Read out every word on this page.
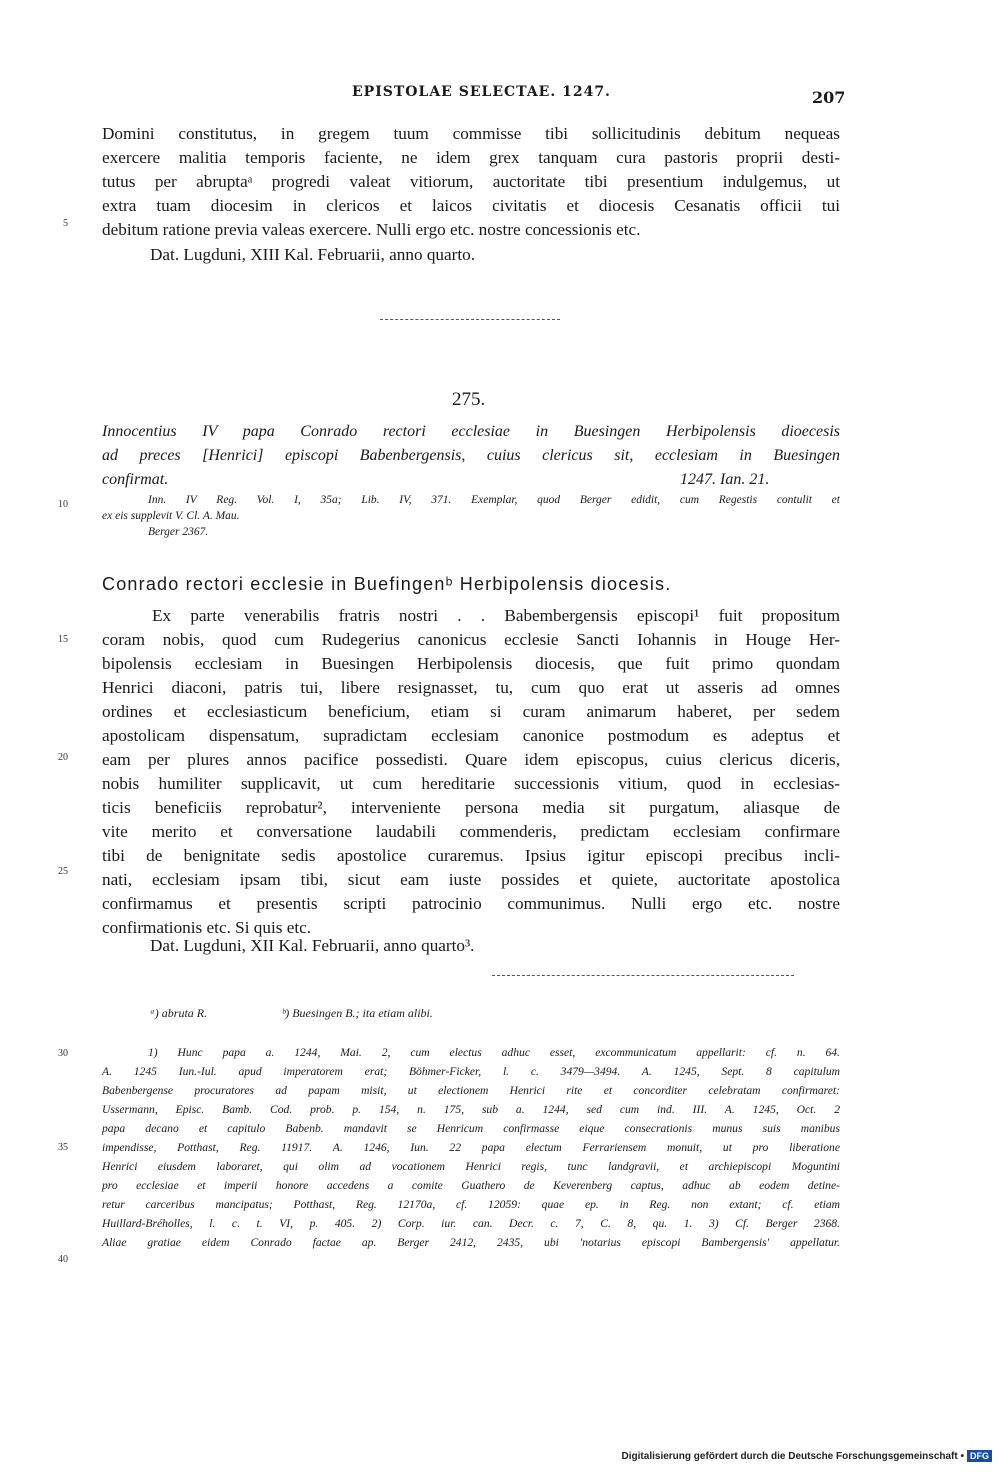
EPISTOLAE SELECTAE. 1247.	207
Domini constitutus, in gregem tuum commisse tibi sollicitudinis debitum nequeas
exercere malitia temporis faciente, ne idem grex tanquam cura pastoris proprii desti-
tutus per abruptaᵃ progredi valeat vitiorum, auctoritate tibi presentium indulgemus, ut
extra tuam diocesim in clericos et laicos civitatis et diocesis Cesanatis officii tui
debitum ratione previa valeas exercere. Nulli ergo etc. nostre concessionis etc.
Dat. Lugduni, XIII Kal. Februarii, anno quarto.
275.
Innocentius IV papa Conrado rectori ecclesiae in Buesingen Herbipolensis dioecesis
ad preces [Henrici] episcopi Babenbergensis, cuius clericus sit, ecclesiam in Buesingen
confirmat.	1247. Ian. 21.
Inn. IV Reg. Vol. I, 35a; Lib. IV, 371. Exemplar, quod Berger edidit, cum Regestis contulit et
ex eis supplevit V. Cl. A. Mau.
Berger 2367.
Conrado rectori ecclesie in Buefingenᵇ Herbipolensis diocesis.
Ex parte venerabilis fratris nostri . . Babembergensis episcopi¹ fuit propositum
coram nobis, quod cum Rudegerius canonicus ecclesie Sancti Iohannis in Houge Her-
bipolensis ecclesiam in Buesingen Herbipolensis diocesis, que fuit primo quondam
Henrici diaconi, patris tui, libere resignasset, tu, cum quo erat ut asseris ad omnes
ordines et ecclesiasticum beneficium, etiam si curam animarum haberet, per sedem
apostolicam dispensatum, supradictam ecclesiam canonice postmodum es adeptus et
eam per plures annos pacifice possedisti. Quare idem episcopus, cuius clericus diceris,
nobis humiliter supplicavit, ut cum hereditarie successionis vitium, quod in ecclesias-
ticis beneficiis reprobatur², interveniente persona media sit purgatum, aliasque de
vite merito et conversatione laudabili commenderis, predictam ecclesiam confirmare
tibi de benignitate sedis apostolice curaremus. Ipsius igitur episcopi precibus incli-
nati, ecclesiam ipsam tibi, sicut eam iuste possides et quiete, auctoritate apostolica
confirmamus et presentis scripti patrocinio communimus. Nulli ergo etc. nostre
confirmationis etc. Si quis etc.
Dat. Lugduni, XII Kal. Februarii, anno quarto³.
ᵃ) abruta R.	ᵇ) Buesingen B.; ita etiam alibi.
1) Hunc papa a. 1244, Mai. 2, cum electus adhuc esset, excommunicatum appellarit: cf. n. 64.
A. 1245 Iun.-Iul. apud imperatorem erat; Böhmer-Ficker, l. c. 3479—3494. A. 1245, Sept. 8 capitulum
Babenbergense procuratores ad papam misit, ut electionem Henrici rite et concorditer celebratam confirmaret:
Ussermann, Episc. Bamb. Cod. prob. p. 154, n. 175, sub a. 1244, sed cum ind. III. A. 1245, Oct. 2
papa decano et capitulo Babenb. mandavit se Henricum confirmasse eique consecrationis munus suis manibus
impendisse, Potthast, Reg. 11917. A. 1246, Iun. 22 papa electum Ferrariensem monuit, ut pro liberatione
Henrici eiusdem laboraret, qui olim ad vocationem Henrici regis, tunc landgravii, et archiepiscopi Moguntini
pro ecclesiae et imperii honore accedens a comite Guathero de Keverenberg captus, adhuc ab eodem detine-
retur carceribus mancipatus; Potthast, Reg. 12170a, cf. 12059: quae ep. in Reg. non extant; cf. etiam
Huillard-Bréholles, l. c. t. VI, p. 405. 2) Corp. iur. can. Decr. c. 7, C. 8, qu. 1. 3) Cf. Berger 2368.
Aliae gratiae eidem Conrado factae ap. Berger 2412, 2435, ubi 'notarius episcopi Bambergensis' appellatur.
5
10
15
20
25
30
35
40
Digitalisierung gefördert durch die Deutsche Forschungsgemeinschaft • DFG
